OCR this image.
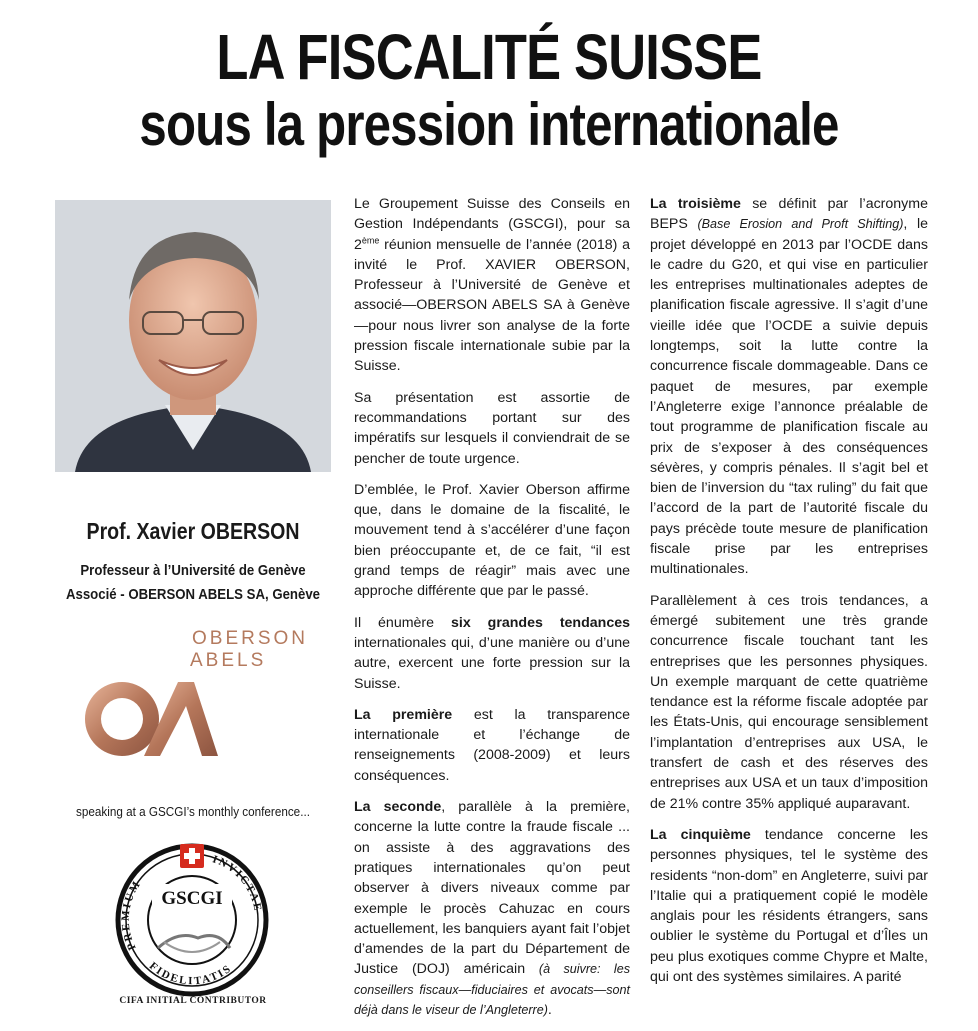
LA FISCALITÉ SUISSE
sous la pression internationale
Prof. Xavier OBERSON
Professeur à l’Université de Genève
Associé - OBERSON ABELS SA, Genève
OBERSON
ABELS
speaking at a GSCGI’s monthly conference...
PREMIUM
INVICTAE
FIDELITATIS
GSCGI
CIFA INITIAL CONTRIBUTOR

Le Groupement Suisse des Conseils en Gestion Indépendants (GSCGI), pour sa 2ème réunion mensuelle de l’année (2018) a invité le Prof. XAVIER OBERSON, Professeur à l’Université de Genève et associé—OBERSON ABELS SA à Genève—pour nous livrer son analyse de la forte pression fiscale internationale subie par la Suisse.

Sa présentation est assortie de recommandations portant sur des impératifs sur lesquels il conviendrait de se pencher de toute urgence.

D’emblée, le Prof. Xavier Oberson affirme que, dans le domaine de la fiscalité, le mouvement tend à s’accélérer d’une façon bien préoccupante et, de ce fait, “il est grand temps de réagir” mais avec une approche différente que par le passé.

Il énumère six grandes tendances internationales qui, d’une manière ou d’une autre, exercent une forte pression sur la Suisse.

La première est la transparence internationale et l’échange de renseignements (2008-2009) et leurs conséquences.

La seconde, parallèle à la première, concerne la lutte contre la fraude fiscale ... on assiste à des aggravations des pratiques internationales qu’on peut observer à divers niveaux comme par exemple le procès Cahuzac en cours actuellement, les banquiers ayant fait l’objet d’amendes de la part du Département de Justice (DOJ) américain (à suivre: les conseillers fiscaux—fiduciaires et avocats—sont déjà dans le viseur de l’Angleterre).

La troisième se définit par l’acronyme BEPS (Base Erosion and Proft Shifting), le projet développé en 2013 par l’OCDE dans le cadre du G20, et qui vise en particulier les entreprises multinationales adeptes de planification fiscale agressive. Il s’agit d’une vieille idée que l’OCDE a suivie depuis longtemps, soit la lutte contre la concurrence fiscale dommageable. Dans ce paquet de mesures, par exemple l’Angleterre exige l’annonce préalable de tout programme de planification fiscale au prix de s’exposer à des conséquences sévères, y compris pénales. Il s’agit bel et bien de l’inversion du “tax ruling” du fait que l’accord de la part de l’autorité fiscale du pays précède toute mesure de planification fiscale prise par les entreprises multinationales.

Parallèlement à ces trois tendances, a émergé subitement une très grande concurrence fiscale touchant tant les entreprises que les personnes physiques. Un exemple marquant de cette quatrième tendance est la réforme fiscale adoptée par les États-Unis, qui encourage sensiblement l’implantation d’entreprises aux USA, le transfert de cash et des réserves des entreprises aux USA et un taux d’imposition de 21% contre 35% appliqué auparavant.

La cinquième tendance concerne les personnes physiques, tel le système des residents “non-dom” en Angleterre, suivi par l’Italie qui a pratiquement copié le modèle anglais pour les résidents étrangers, sans oublier le système du Portugal et d’Îles un peu plus exotiques comme Chypre et Malte, qui ont des systèmes similaires. A parité
